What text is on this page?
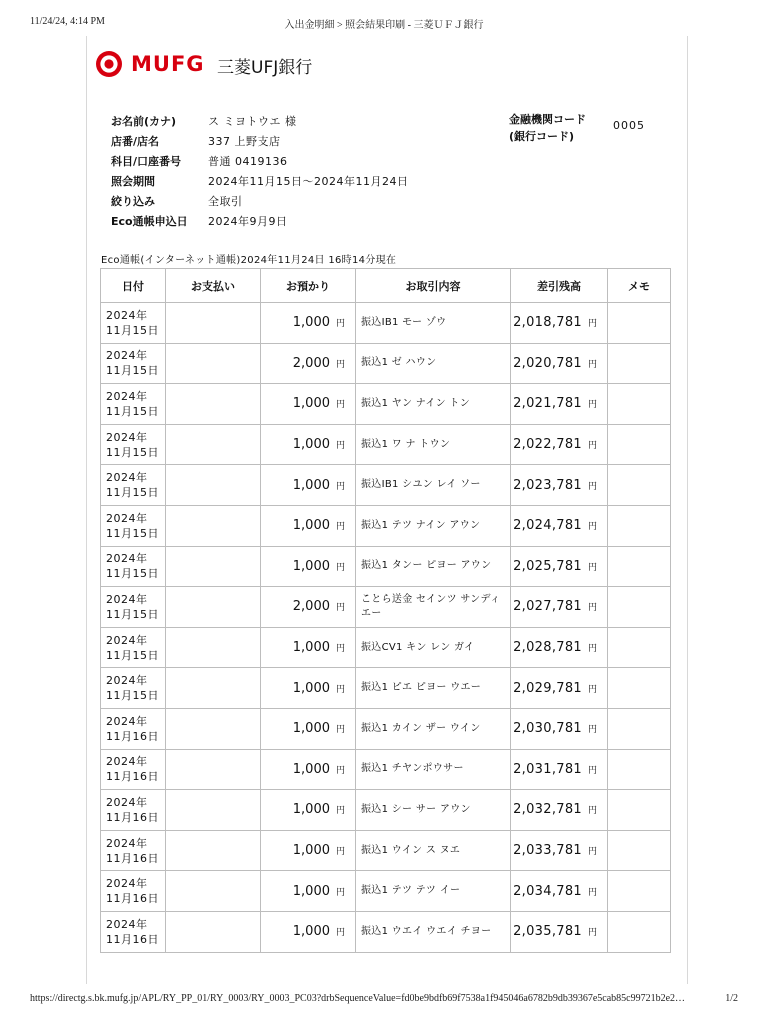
11/24/24, 4:14 PM	入出金明細 > 照会結果印刷 - 三菱ＵＦＪ銀行
MUFG 三菱UFJ銀行
お名前(カナ)	ス ミヨトウエ 様
店番/店名	337 上野支店
科目/口座番号 普通 0419136
照会期間	2024年11月15日〜2024年11月24日
絞り込み	全取引
Eco通帳申込日 2024年9月9日
金融機関コード
(銀行コード)
0005
Eco通帳(インターネット通帳)2024年11月24日 16時14分現在
日付	お支払い	お預かり	お取引内容	差引残高	メモ

2024年
11月15日		1,000 円	振込IB1 モー ゾウ	2,018,781 円	

2024年
11月15日		2,000 円	振込1 ゼ ハウン	2,020,781 円	

2024年
11月15日		1,000 円	振込1 ヤン ナイン トン	2,021,781 円	

2024年
11月15日		1,000 円	振込1 ワ ナ トウン	2,022,781 円	

2024年
11月15日		1,000 円	振込IB1 シユン レイ ソー	2,023,781 円	

2024年
11月15日		1,000 円	振込1 テツ ナイン アウン	2,024,781 円	

2024年
11月15日		1,000 円	振込1 タンー ピヨー アウン	2,025,781 円	

2024年
11月15日		2,000 円	ことら送金 セインツ サンディ エー	2,027,781 円	

2024年
11月15日		1,000 円	振込CV1 キン レン ガイ	2,028,781 円	

2024年
11月15日		1,000 円	振込1 ピエ ピヨー ウエー	2,029,781 円	

2024年
11月16日		1,000 円	振込1 カイン ザー ウイン	2,030,781 円	

2024年
11月16日		1,000 円	振込1 チヤンポウサー	2,031,781 円	

2024年
11月16日		1,000 円	振込1 シー サー アウン	2,032,781 円	

2024年
11月16日		1,000 円	振込1 ウイン ス ヌエ	2,033,781 円	

2024年
11月16日		1,000 円	振込1 テツ テツ イー	2,034,781 円	

2024年
11月16日		1,000 円	振込1 ウエイ ウエイ チヨー	2,035,781 円	
https://directg.s.bk.mufg.jp/APL/RY_PP_01/RY_0003/RY_0003_PC03?drbSequenceValue=fd0be9bdfb69f7538a1f945046a6782b9db39367e5cab85c99721b2e2…	1/2
